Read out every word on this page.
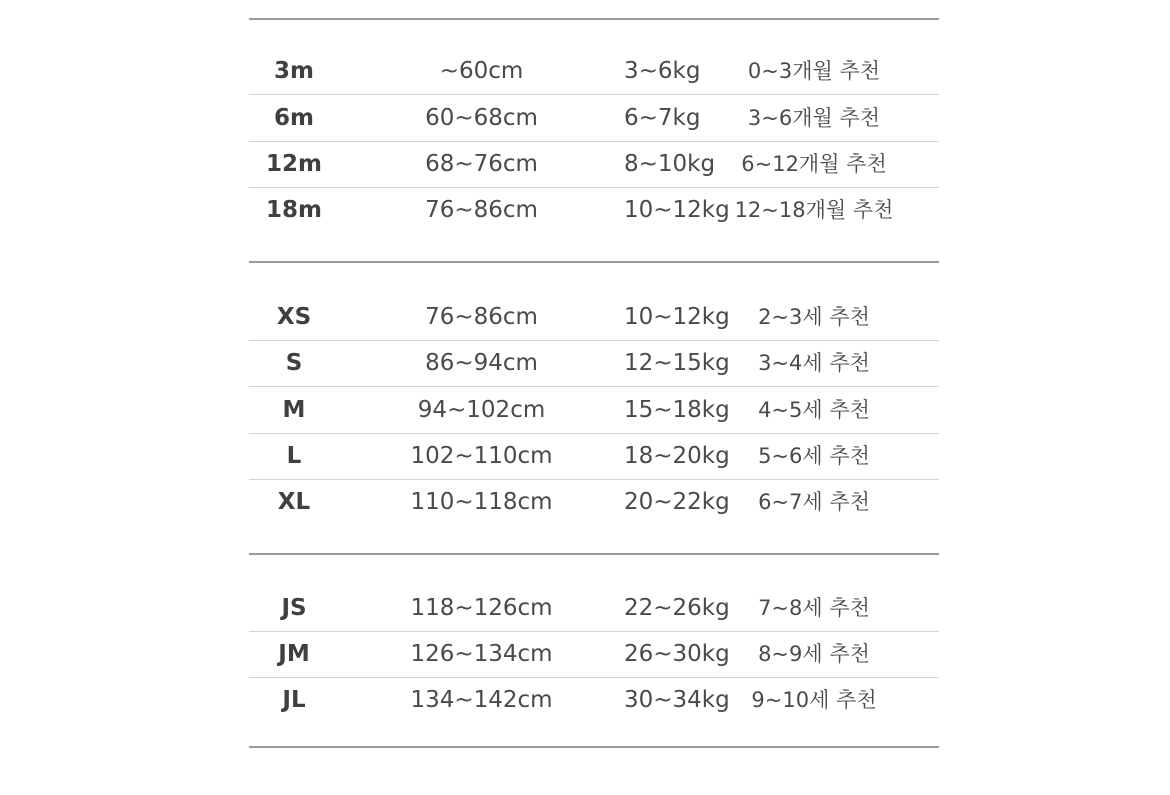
3m	~60cm	3~6kg	0~3개월 추천
6m	60~68cm	6~7kg	3~6개월 추천
12m	68~76cm	8~10kg	6~12개월 추천
18m	76~86cm	10~12kg 12~18개월 추천
XS	76~86cm	10~12kg	2~3세 추천
S	86~94cm	12~15kg	3~4세 추천
M	94~102cm	15~18kg	4~5세 추천
L	102~110cm	18~20kg	5~6세 추천
XL	110~118cm	20~22kg	6~7세 추천
JS	118~126cm	22~26kg	7~8세 추천
JM	126~134cm	26~30kg	8~9세 추천
JL	134~142cm	30~34kg	9~10세 추천
